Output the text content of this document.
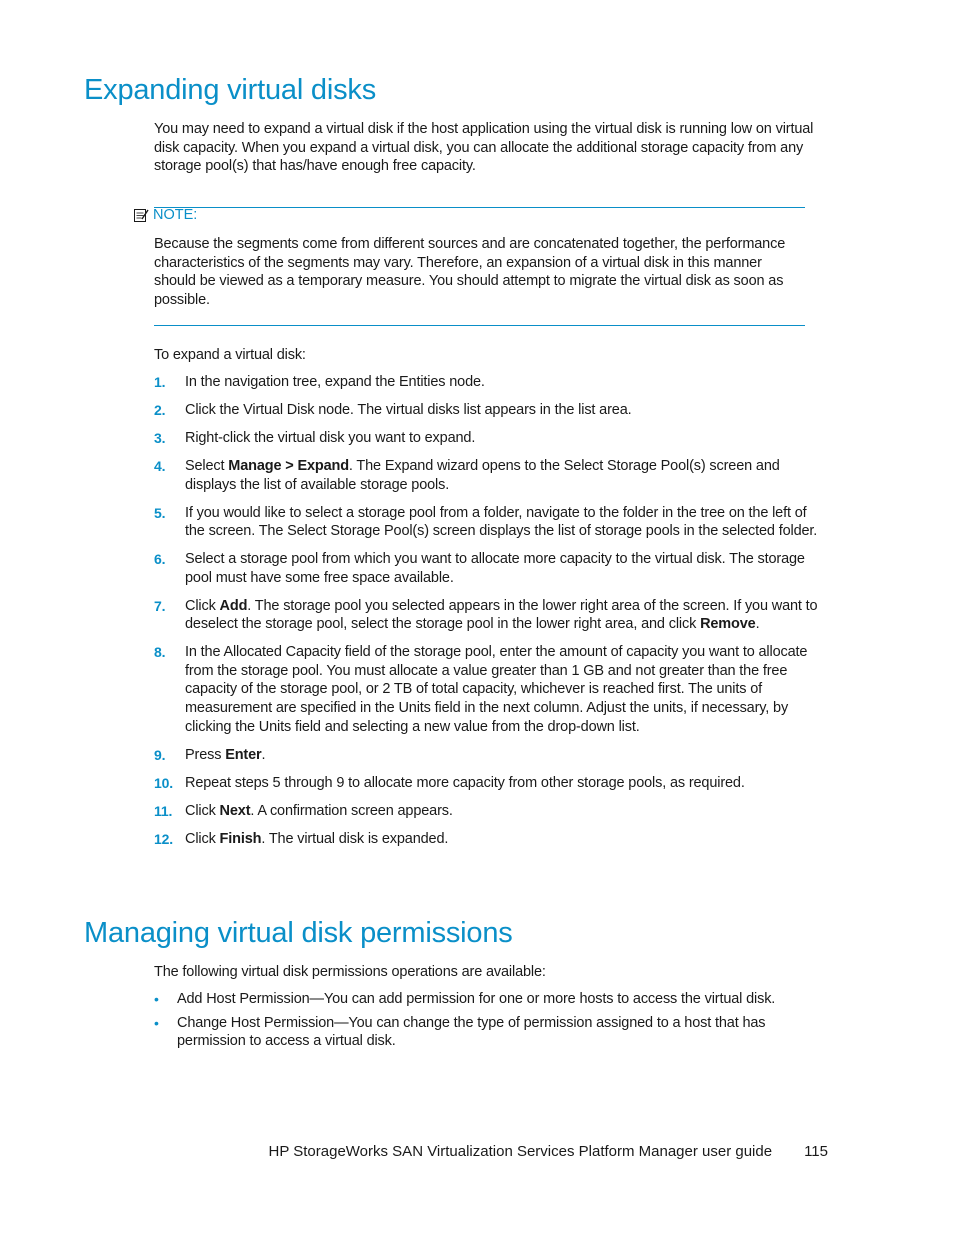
Expanding virtual disks

You may need to expand a virtual disk if the host application using the virtual disk is running low on virtual disk capacity. When you expand a virtual disk, you can allocate the additional storage capacity from any storage pool(s) that has/have enough free capacity.

NOTE:

Because the segments come from different sources and are concatenated together, the performance characteristics of the segments may vary. Therefore, an expansion of a virtual disk in this manner should be viewed as a temporary measure. You should attempt to migrate the virtual disk as soon as possible.

To expand a virtual disk:

1.	In the navigation tree, expand the Entities node.
2.	Click the Virtual Disk node. The virtual disks list appears in the list area.
3.	Right-click the virtual disk you want to expand.
4.	Select Manage > Expand. The Expand wizard opens to the Select Storage Pool(s) screen and displays the list of available storage pools.
5.	If you would like to select a storage pool from a folder, navigate to the folder in the tree on the left of the screen. The Select Storage Pool(s) screen displays the list of storage pools in the selected folder.
6.	Select a storage pool from which you want to allocate more capacity to the virtual disk. The storage pool must have some free space available.
7.	Click Add. The storage pool you selected appears in the lower right area of the screen. If you want to deselect the storage pool, select the storage pool in the lower right area, and click Remove.
8.	In the Allocated Capacity field of the storage pool, enter the amount of capacity you want to allocate from the storage pool. You must allocate a value greater than 1 GB and not greater than the free capacity of the storage pool, or 2 TB of total capacity, whichever is reached first. The units of measurement are specified in the Units field in the next column. Adjust the units, if necessary, by clicking the Units field and selecting a new value from the drop-down list.
9.	Press Enter.
10. Repeat steps 5 through 9 to allocate more capacity from other storage pools, as required.
11. Click Next. A confirmation screen appears.
12. Click Finish. The virtual disk is expanded.
Managing virtual disk permissions

The following virtual disk permissions operations are available:

•	Add Host Permission—You can add permission for one or more hosts to access the virtual disk.
•	Change Host Permission—You can change the type of permission assigned to a host that has permission to access a virtual disk.
HP StorageWorks SAN Virtualization Services Platform Manager user guide 115
